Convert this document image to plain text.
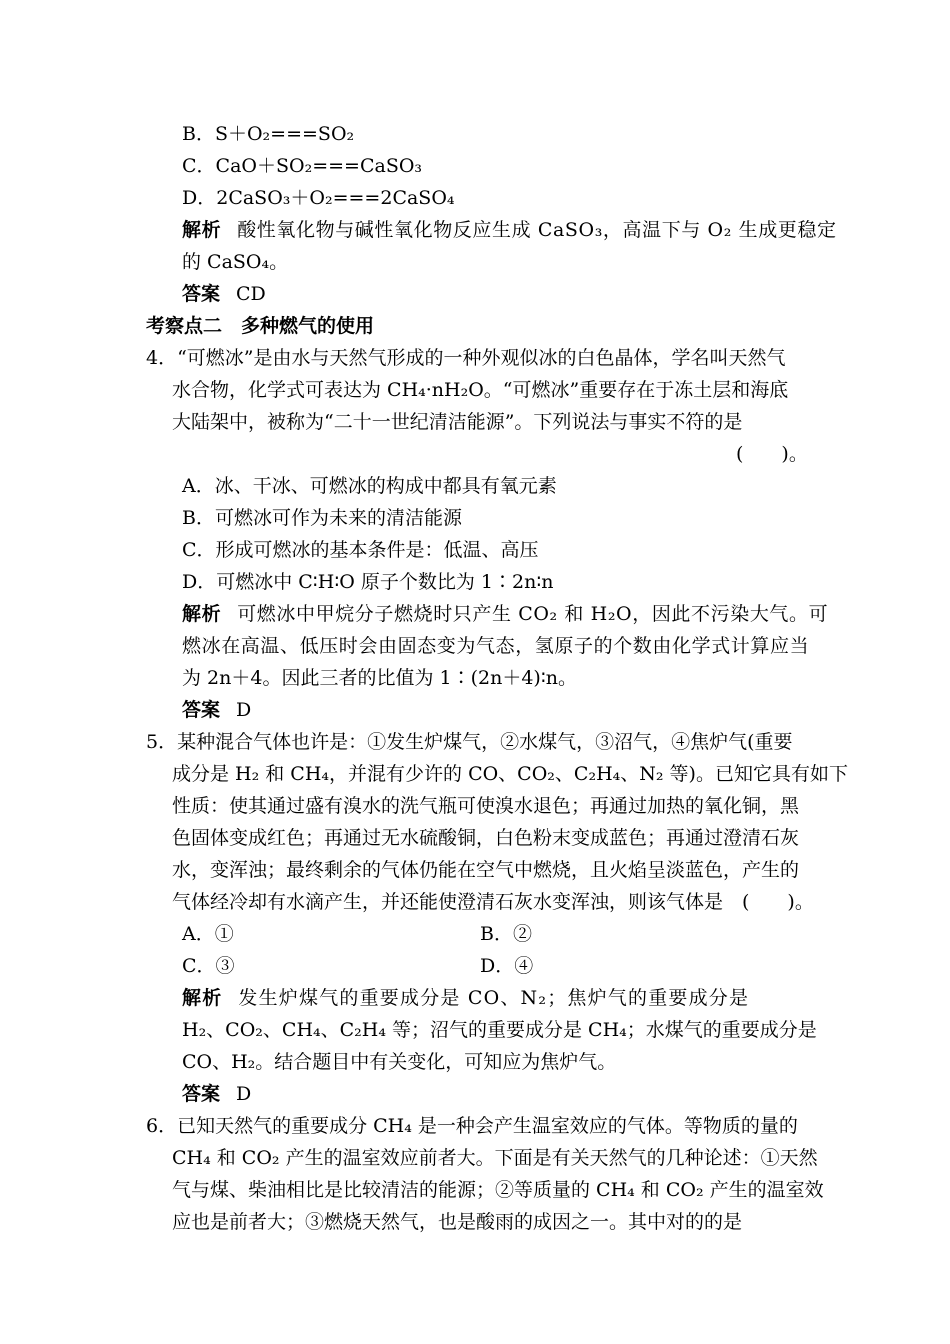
B．S＋O₂===SO₂
C．CaO＋SO₂===CaSO₃
D．2CaSO₃＋O₂===2CaSO₄
解析 酸性氧化物与碱性氧化物反应生成 CaSO₃，高温下与 O₂ 生成更稳定
的 CaSO₄。
答案 CD
考察点二　多种燃气的使用
4．“可燃冰”是由水与天然气形成的一种外观似冰的白色晶体，学名叫天然气
水合物，化学式可表达为 CH₄·nH₂O。“可燃冰”重要存在于冻土层和海底
大陆架中，被称为“二十一世纪清洁能源”。下列说法与事实不符的是
(　　)。
A．冰、干冰、可燃冰的构成中都具有氧元素
B．可燃冰可作为未来的清洁能源
C．形成可燃冰的基本条件是：低温、高压
D．可燃冰中 C∶H∶O 原子个数比为 1∶2n∶n
解析 可燃冰中甲烷分子燃烧时只产生 CO₂ 和 H₂O，因此不污染大气。可
燃冰在高温、低压时会由固态变为气态，氢原子的个数由化学式计算应当
为 2n＋4。因此三者的比值为 1∶(2n＋4)∶n。
答案 D
5．某种混合气体也许是：①发生炉煤气，②水煤气，③沼气，④焦炉气(重要
成分是 H₂ 和 CH₄，并混有少许的 CO、CO₂、C₂H₄、N₂ 等)。已知它具有如下
性质：使其通过盛有溴水的洗气瓶可使溴水退色；再通过加热的氧化铜，黑
色固体变成红色；再通过无水硫酸铜，白色粉末变成蓝色；再通过澄清石灰
水，变浑浊；最终剩余的气体仍能在空气中燃烧，且火焰呈淡蓝色，产生的
气体经冷却有水滴产生，并还能使澄清石灰水变浑浊，则该气体是　(　　)。
A．①	B．②
C．③	D．④
解析 发生炉煤气的重要成分是 CO、N₂；焦炉气的重要成分是
H₂、CO₂、CH₄、C₂H₄ 等；沼气的重要成分是 CH₄；水煤气的重要成分是
CO、H₂。结合题目中有关变化，可知应为焦炉气。
答案 D
6．已知天然气的重要成分 CH₄ 是一种会产生温室效应的气体。等物质的量的
CH₄ 和 CO₂ 产生的温室效应前者大。下面是有关天然气的几种论述：①天然
气与煤、柴油相比是比较清洁的能源；②等质量的 CH₄ 和 CO₂ 产生的温室效
应也是前者大；③燃烧天然气，也是酸雨的成因之一。其中对的的是
